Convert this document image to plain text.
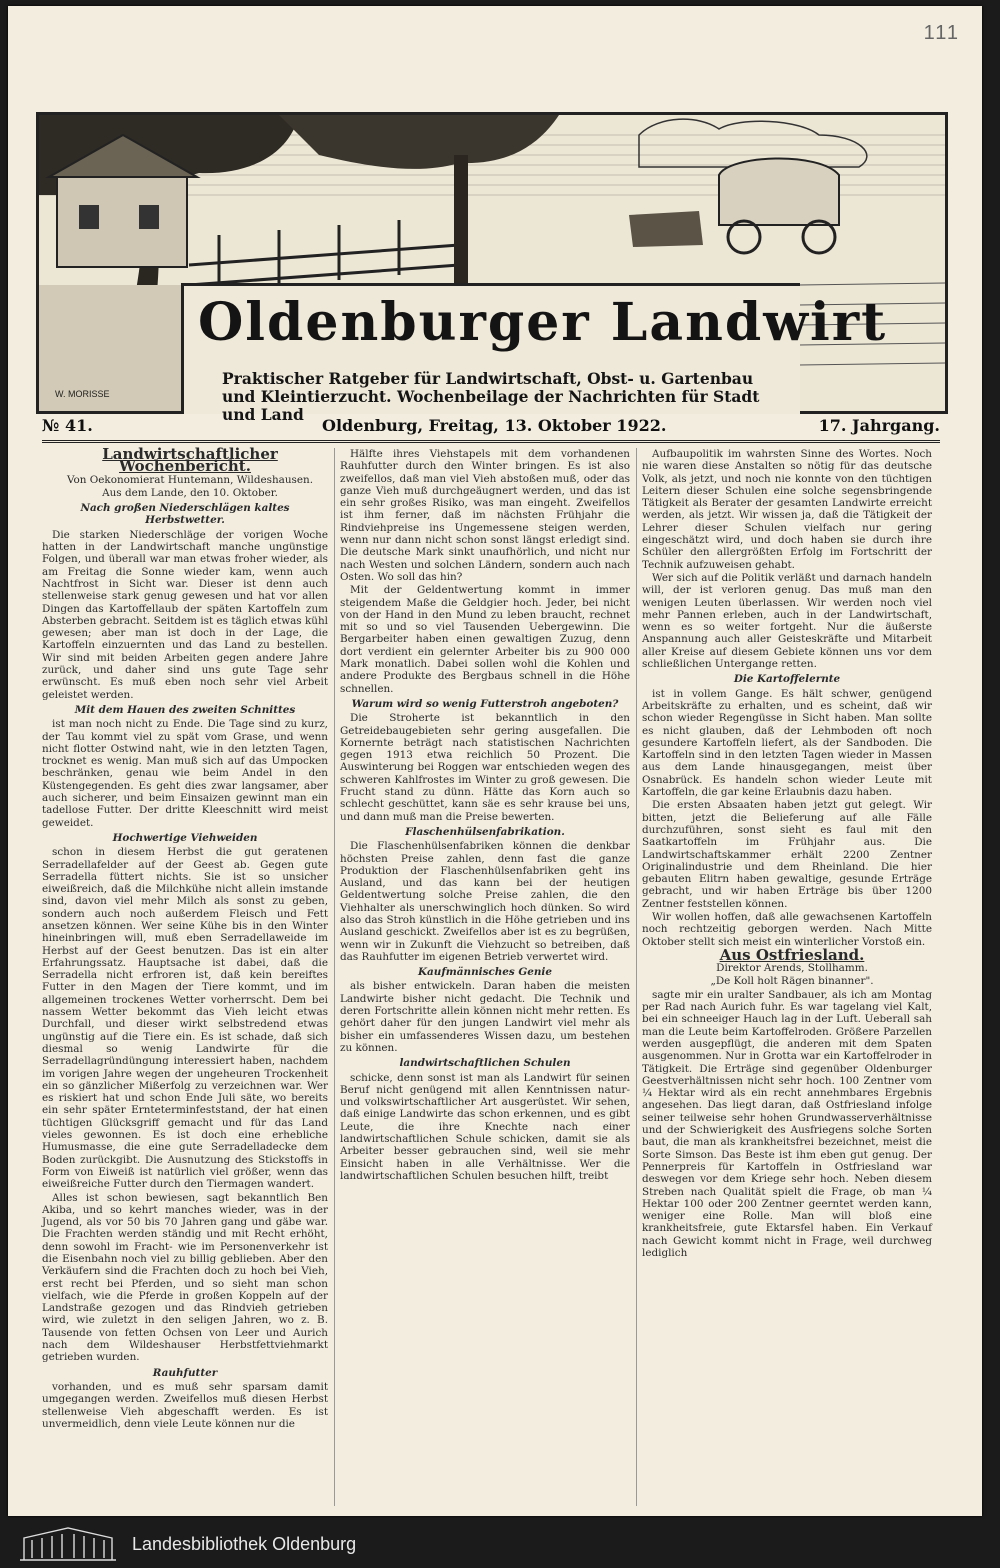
111
Oldenburger Landwirt
Praktischer Ratgeber für Landwirtschaft, Obst- u. Gartenbau und Kleintierzucht. Wochenbeilage der Nachrichten für Stadt und Land
W. MORISSE
№ 41.	Oldenburg, Freitag, 13. Oktober 1922.	17. Jahrgang.

Landwirtschaftlicher Wochenbericht.

Von Oekonomierat Huntemann, Wildeshausen.

Aus dem Lande, den 10. Oktober.

Nach großen Niederschlägen kaltes Herbstwetter.

Die starken Niederschläge der vorigen Woche hatten in der Landwirtschaft manche ungünstige Folgen, und überall war man etwas froher wieder, als am Freitag die Sonne wieder kam, wenn auch Nachtfrost in Sicht war. Dieser ist denn auch stellenweise stark genug gewesen und hat vor allen Dingen das Kartoffellaub der späten Kartoffeln zum Absterben gebracht. Seitdem ist es täglich etwas kühl gewesen; aber man ist doch in der Lage, die Kartoffeln einzuernten und das Land zu bestellen. Wir sind mit beiden Arbeiten gegen andere Jahre zurück, und daher sind uns gute Tage sehr erwünscht. Es muß eben noch sehr viel Arbeit geleistet werden.

Mit dem Hauen des zweiten Schnittes

ist man noch nicht zu Ende. Die Tage sind zu kurz, der Tau kommt viel zu spät vom Grase, und wenn nicht flotter Ostwind naht, wie in den letzten Tagen, trocknet es wenig. Man muß sich auf das Umpocken beschränken, genau wie beim Andel in den Küstengegenden. Es geht dies zwar langsamer, aber auch sicherer, und beim Einsaizen gewinnt man ein tadellose Futter. Der dritte Kleeschnitt wird meist geweidet.

Hochwertige Viehweiden

schon in diesem Herbst die gut geratenen Serradellafelder auf der Geest ab. Gegen gute Serradella füttert nichts. Sie ist so unsicher eiweißreich, daß die Milchkühe nicht allein imstande sind, davon viel mehr Milch als sonst zu geben, sondern auch noch außerdem Fleisch und Fett ansetzen können. Wer seine Kühe bis in den Winter hineinbringen will, muß eben Serradellaweide im Herbst auf der Geest benutzen. Das ist ein alter Erfahrungssatz. Hauptsache ist dabei, daß die Serradella nicht erfroren ist, daß kein bereiftes Futter in den Magen der Tiere kommt, und im allgemeinen trockenes Wetter vorherrscht. Dem bei nassem Wetter bekommt das Vieh leicht etwas Durchfall, und dieser wirkt selbstredend etwas ungünstig auf die Tiere ein. Es ist schade, daß sich diesmal so wenig Landwirte für die Serradellagründüngung interessiert haben, nachdem im vorigen Jahre wegen der ungeheuren Trockenheit ein so gänzlicher Mißerfolg zu verzeichnen war. Wer es riskiert hat und schon Ende Juli säte, wo bereits ein sehr später Ernteterminfeststand, der hat einen tüchtigen Glücksgriff gemacht und für das Land vieles gewonnen. Es ist doch eine erhebliche Humusmasse, die eine gute Serradelladecke dem Boden zurückgibt. Die Ausnutzung des Stickstoffs in Form von Eiweiß ist natürlich viel größer, wenn das eiweißreiche Futter durch den Tiermagen wandert.

Alles ist schon bewiesen, sagt bekanntlich Ben Akiba, und so kehrt manches wieder, was in der Jugend, als vor 50 bis 70 Jahren gang und gäbe war. Die Frachten werden ständig und mit Recht erhöht, denn sowohl im Fracht- wie im Personenverkehr ist die Eisenbahn noch viel zu billig geblieben. Aber den Verkäufern sind die Frachten doch zu hoch bei Vieh, erst recht bei Pferden, und so sieht man schon vielfach, wie die Pferde in großen Koppeln auf der Landstraße gezogen und das Rindvieh getrieben wird, wie zuletzt in den seligen Jahren, wo z. B. Tausende von fetten Ochsen von Leer und Aurich nach dem Wildeshauser Herbstfettviehmarkt getrieben wurden.

Rauhfutter

vorhanden, und es muß sehr sparsam damit umgegangen werden. Zweifellos muß diesen Herbst stellenweise Vieh abgeschafft werden. Es ist unvermeidlich, denn viele Leute können nur die

Hälfte ihres Viehstapels mit dem vorhandenen Rauhfutter durch den Winter bringen. Es ist also zweifellos, daß man viel Vieh abstoßen muß, oder das ganze Vieh muß durchgeäugnert werden, und das ist ein sehr großes Risiko, was man eingeht. Zweifellos ist ihm ferner, daß im nächsten Frühjahr die Rindviehpreise ins Ungemessene steigen werden, wenn nur dann nicht schon sonst längst erledigt sind. Die deutsche Mark sinkt unaufhörlich, und nicht nur nach Westen und solchen Ländern, sondern auch nach Osten. Wo soll das hin?

Mit der Geldentwertung kommt in immer steigendem Maße die Geldgier hoch. Jeder, bei nicht von der Hand in den Mund zu leben braucht, rechnet mit so und so viel Tausenden Uebergewinn. Die Bergarbeiter haben einen gewaltigen Zuzug, denn dort verdient ein gelernter Arbeiter bis zu 900 000 Mark monatlich. Dabei sollen wohl die Kohlen und andere Produkte des Bergbaus schnell in die Höhe schnellen.

Warum wird so wenig Futterstroh angeboten?

Die Stroherte ist bekanntlich in den Getreidebaugebieten sehr gering ausgefallen. Die Kornernte beträgt nach statistischen Nachrichten gegen 1913 etwa reichlich 50 Prozent. Die Auswinterung bei Roggen war entschieden wegen des schweren Kahlfrostes im Winter zu groß gewesen. Die Frucht stand zu dünn. Hätte das Korn auch so schlecht geschüttet, kann säe es sehr krause bei uns, und dann muß man die Preise bewerten.

Flaschenhülsenfabrikation.

Die Flaschenhülsenfabriken können die denkbar höchsten Preise zahlen, denn fast die ganze Produktion der Flaschenhülsenfabriken geht ins Ausland, und das kann bei der heutigen Geldentwertung solche Preise zahlen, die den Viehhalter als unerschwinglich hoch dünken. So wird also das Stroh künstlich in die Höhe getrieben und ins Ausland geschickt. Zweifellos aber ist es zu begrüßen, wenn wir in Zukunft die Viehzucht so betreiben, daß das Rauhfutter im eigenen Betrieb verwertet wird.

Kaufmännisches Genie

als bisher entwickeln. Daran haben die meisten Landwirte bisher nicht gedacht. Die Technik und deren Fortschritte allein können nicht mehr retten. Es gehört daher für den jungen Landwirt viel mehr als bisher ein umfassenderes Wissen dazu, um bestehen zu können.

landwirtschaftlichen Schulen

schicke, denn sonst ist man als Landwirt für seinen Beruf nicht genügend mit allen Kenntnissen natur- und volkswirtschaftlicher Art ausgerüstet. Wir sehen, daß einige Landwirte das schon erkennen, und es gibt Leute, die ihre Knechte nach einer landwirtschaftlichen Schule schicken, damit sie als Arbeiter besser gebrauchen sind, weil sie mehr Einsicht haben in alle Verhältnisse. Wer die landwirtschaftlichen Schulen besuchen hilft, treibt

Aufbaupolitik im wahrsten Sinne des Wortes. Noch nie waren diese Anstalten so nötig für das deutsche Volk, als jetzt, und noch nie konnte von den tüchtigen Leitern dieser Schulen eine solche segensbringende Tätigkeit als Berater der gesamten Landwirte erreicht werden, als jetzt. Wir wissen ja, daß die Tätigkeit der Lehrer dieser Schulen vielfach nur gering eingeschätzt wird, und doch haben sie durch ihre Schüler den allergrößten Erfolg im Fortschritt der Technik aufzuweisen gehabt.

Wer sich auf die Politik verläßt und darnach handeln will, der ist verloren genug. Das muß man den wenigen Leuten überlassen. Wir werden noch viel mehr Pannen erleben, auch in der Landwirtschaft, wenn es so weiter fortgeht. Nur die äußerste Anspannung auch aller Geisteskräfte und Mitarbeit aller Kreise auf diesem Gebiete können uns vor dem schließlichen Untergange retten.

Die Kartoffelernte

ist in vollem Gange. Es hält schwer, genügend Arbeitskräfte zu erhalten, und es scheint, daß wir schon wieder Regengüsse in Sicht haben. Man sollte es nicht glauben, daß der Lehmboden oft noch gesundere Kartoffeln liefert, als der Sandboden. Die Kartoffeln sind in den letzten Tagen wieder in Massen aus dem Lande hinausgegangen, meist über Osnabrück. Es handeln schon wieder Leute mit Kartoffeln, die gar keine Erlaubnis dazu haben.

Die ersten Absaaten haben jetzt gut gelegt. Wir bitten, jetzt die Belieferung auf alle Fälle durchzuführen, sonst sieht es faul mit den Saatkartoffeln im Frühjahr aus. Die Landwirtschaftskammer erhält 2200 Zentner Originalindustrie und dem Rheinland. Die hier gebauten Elitrn haben gewaltige, gesunde Erträge gebracht, und wir haben Erträge bis über 1200 Zentner feststellen können.

Wir wollen hoffen, daß alle gewachsenen Kartoffeln noch rechtzeitig geborgen werden. Nach Mitte Oktober stellt sich meist ein winterlicher Vorstoß ein.

Aus Ostfriesland.

Direktor Arends, Stollhamm.

„De Koll holt Rägen binanner".

sagte mir ein uralter Sandbauer, als ich am Montag per Rad nach Aurich fuhr. Es war tagelang viel Kalt, bei ein schneeiger Hauch lag in der Luft. Ueberall sah man die Leute beim Kartoffelroden. Größere Parzellen werden ausgepflügt, die anderen mit dem Spaten ausgenommen. Nur in Grotta war ein Kartoffelroder in Tätigkeit. Die Erträge sind gegenüber Oldenburger Geestverhältnissen nicht sehr hoch. 100 Zentner vom ¼ Hektar wird als ein recht annehmbares Ergebnis angesehen. Das liegt daran, daß Ostfriesland infolge seiner teilweise sehr hohen Grundwasserverhältnisse und der Schwierigkeit des Ausfriegens solche Sorten baut, die man als krankheitsfrei bezeichnet, meist die Sorte Simson. Das Beste ist ihm eben gut genug. Der Pennerpreis für Kartoffeln in Ostfriesland war deswegen vor dem Kriege sehr hoch. Neben diesem Streben nach Qualität spielt die Frage, ob man ¼ Hektar 100 oder 200 Zentner geerntet werden kann, weniger eine Rolle. Man will bloß eine krankheitsfreie, gute Ektarsfel haben. Ein Verkauf nach Gewicht kommt nicht in Frage, weil durchweg lediglich

Landesbibliothek Oldenburg
